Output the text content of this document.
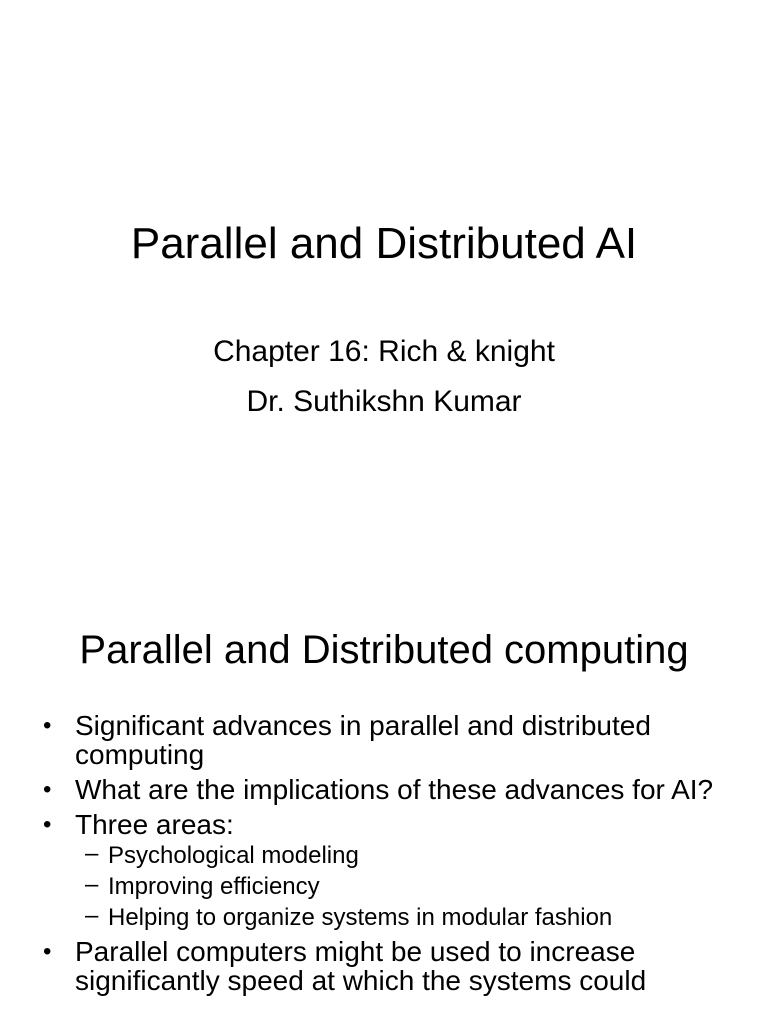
Parallel and Distributed AI
Chapter 16: Rich & knight
Dr. Suthikshn Kumar
Parallel and Distributed computing
• Significant advances in parallel and distributed computing
• What are the implications of these advances for AI?
• Three areas:
– Psychological modeling
– Improving efficiency
– Helping to organize systems in modular fashion
• Parallel computers might be used to increase significantly speed at which the systems could
